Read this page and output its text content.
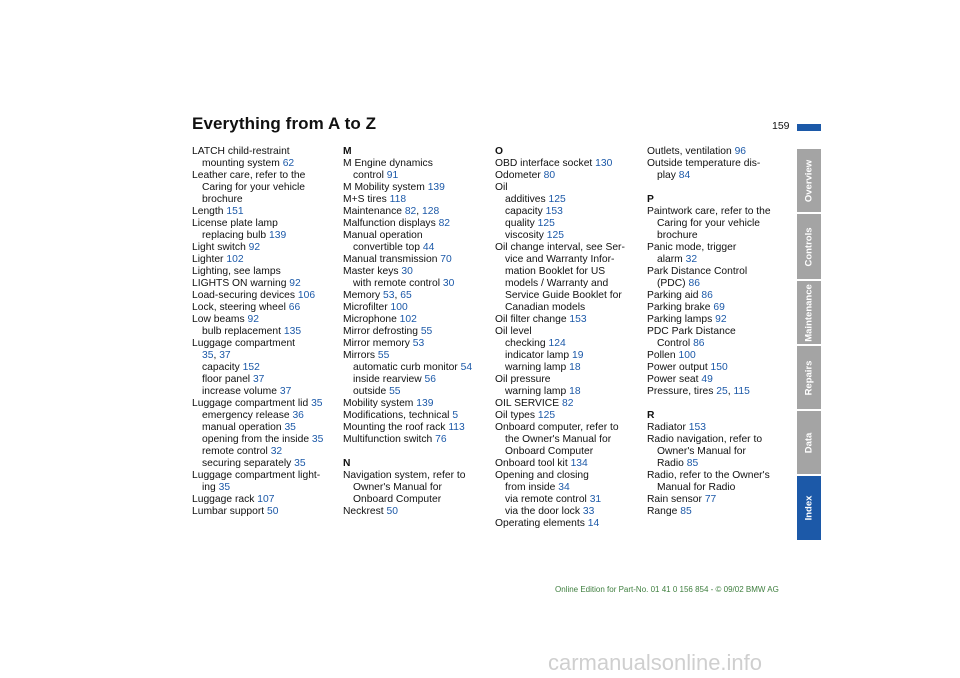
Everything from A to Z	159
LATCH child-restraint
mounting system 62
Leather care, refer to the
Caring for your vehicle
brochure
Length 151
License plate lamp
replacing bulb 139
Light switch 92
Lighter 102
Lighting, see lamps
LIGHTS ON warning 92
Load-securing devices 106
Lock, steering wheel 66
Low beams 92
bulb replacement 135
Luggage compartment
35, 37
capacity 152
floor panel 37
increase volume 37
Luggage compartment lid 35
emergency release 36
manual operation 35
opening from the inside 35
remote control 32
securing separately 35
Luggage compartment light-
ing 35
Luggage rack 107
Lumbar support 50
M
M Engine dynamics
control 91
M Mobility system 139
M+S tires 118
Maintenance 82, 128
Malfunction displays 82
Manual operation
convertible top 44
Manual transmission 70
Master keys 30
with remote control 30
Memory 53, 65
Microfilter 100
Microphone 102
Mirror defrosting 55
Mirror memory 53
Mirrors 55
automatic curb monitor 54
inside rearview 56
outside 55
Mobility system 139
Modifications, technical 5
Mounting the roof rack 113
Multifunction switch 76
N
Navigation system, refer to
Owner's Manual for
Onboard Computer
Neckrest 50
O
OBD interface socket 130
Odometer 80
Oil
additives 125
capacity 153
quality 125
viscosity 125
Oil change interval, see Ser-
vice and Warranty Infor-
mation Booklet for US
models / Warranty and
Service Guide Booklet for
Canadian models
Oil filter change 153
Oil level
checking 124
indicator lamp 19
warning lamp 18
Oil pressure
warning lamp 18
OIL SERVICE 82
Oil types 125
Onboard computer, refer to
the Owner's Manual for
Onboard Computer
Onboard tool kit 134
Opening and closing
from inside 34
via remote control 31
via the door lock 33
Operating elements 14
Outlets, ventilation 96
Outside temperature dis-
play 84
P
Paintwork care, refer to the
Caring for your vehicle
brochure
Panic mode, trigger
alarm 32
Park Distance Control
(PDC) 86
Parking aid 86
Parking brake 69
Parking lamps 92
PDC Park Distance
Control 86
Pollen 100
Power output 150
Power seat 49
Pressure, tires 25, 115
R
Radiator 153
Radio navigation, refer to
Owner's Manual for
Radio 85
Radio, refer to the Owner's
Manual for Radio
Rain sensor 77
Range 85
Overview
Controls
Maintenance
Repairs
Data
Index
Online Edition for Part-No. 01 41 0 156 854 - © 09/02 BMW AG
carmanualsonline.info
